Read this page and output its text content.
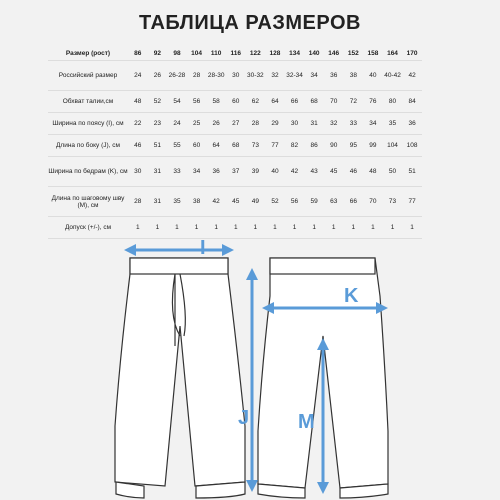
ТАБЛИЦА РАЗМЕРОВ
Размер (рост)	86	92	98	104	110	116	122	128	134	140	146	152	158	164	170
Российский размер	24	26	26-28	28	28-30	30	30-32	32	32-34	34	36	38	40	40-42	42
Обхват талии,см	48	52	54	56	58	60	62	64	66	68	70	72	76	80	84
Ширина по поясу (I), см	22	23	24	25	26	27	28	29	30	31	32	33	34	35	36
Длина по боку (J), см	46	51	55	60	64	68	73	77	82	86	90	95	99	104	108
Ширина по бедрам (K), см	30	31	33	34	36	37	39	40	42	43	45	46	48	50	51
Длина по шаговому шву (M), см	28	31	35	38	42	45	49	52	56	59	63	66	70	73	77
Допуск (+/-), см	1	1	1	1	1	1	1	1	1	1	1	1	1	1	1
I
J
K
M
